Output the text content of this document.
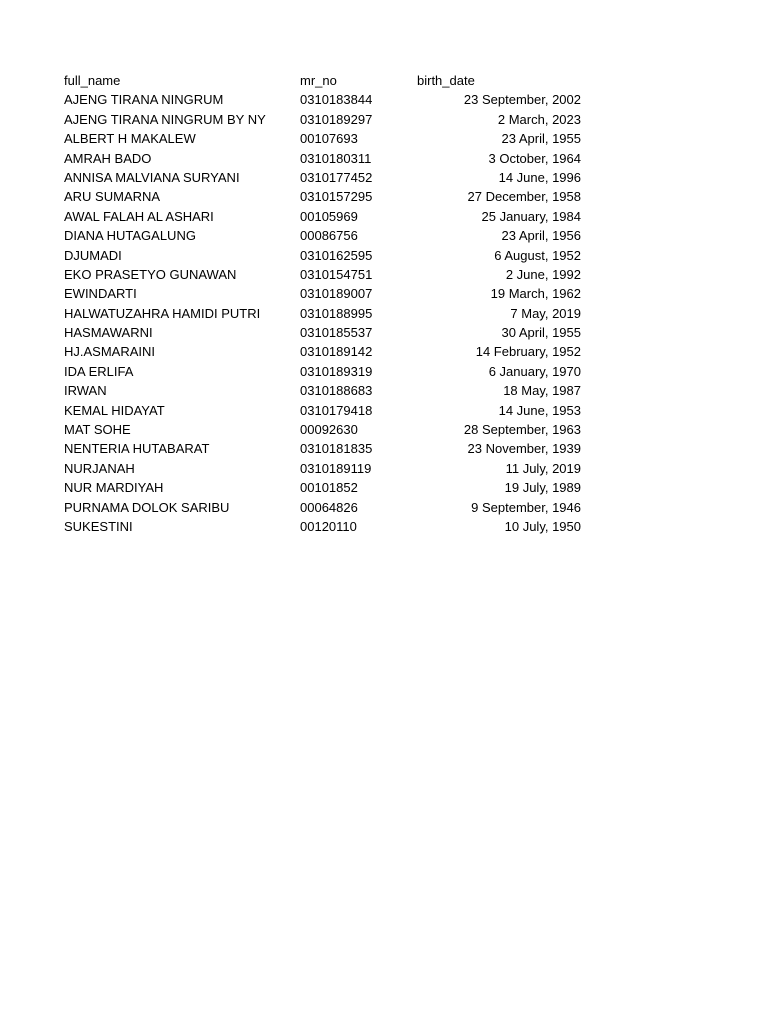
full_name	mr_no	birth_date
AJENG TIRANA NINGRUM	0310183844	23 September, 2002
AJENG TIRANA NINGRUM BY NY	0310189297	2 March, 2023
ALBERT H MAKALEW	00107693	23 April, 1955
AMRAH BADO	0310180311	3 October, 1964
ANNISA MALVIANA SURYANI	0310177452	14 June, 1996
ARU SUMARNA	0310157295	27 December, 1958
AWAL FALAH AL ASHARI	00105969	25 January, 1984
DIANA HUTAGALUNG	00086756	23 April, 1956
DJUMADI	0310162595	6 August, 1952
EKO PRASETYO GUNAWAN	0310154751	2 June, 1992
EWINDARTI	0310189007	19 March, 1962
HALWATUZAHRA HAMIDI PUTRI	0310188995	7 May, 2019
HASMAWARNI	0310185537	30 April, 1955
HJ.ASMARAINI	0310189142	14 February, 1952
IDA ERLIFA	0310189319	6 January, 1970
IRWAN	0310188683	18 May, 1987
KEMAL HIDAYAT	0310179418	14 June, 1953
MAT SOHE	00092630	28 September, 1963
NENTERIA HUTABARAT	0310181835	23 November, 1939
NURJANAH	0310189119	11 July, 2019
NUR MARDIYAH	00101852	19 July, 1989
PURNAMA DOLOK SARIBU	00064826	9 September, 1946
SUKESTINI	00120110	10 July, 1950
